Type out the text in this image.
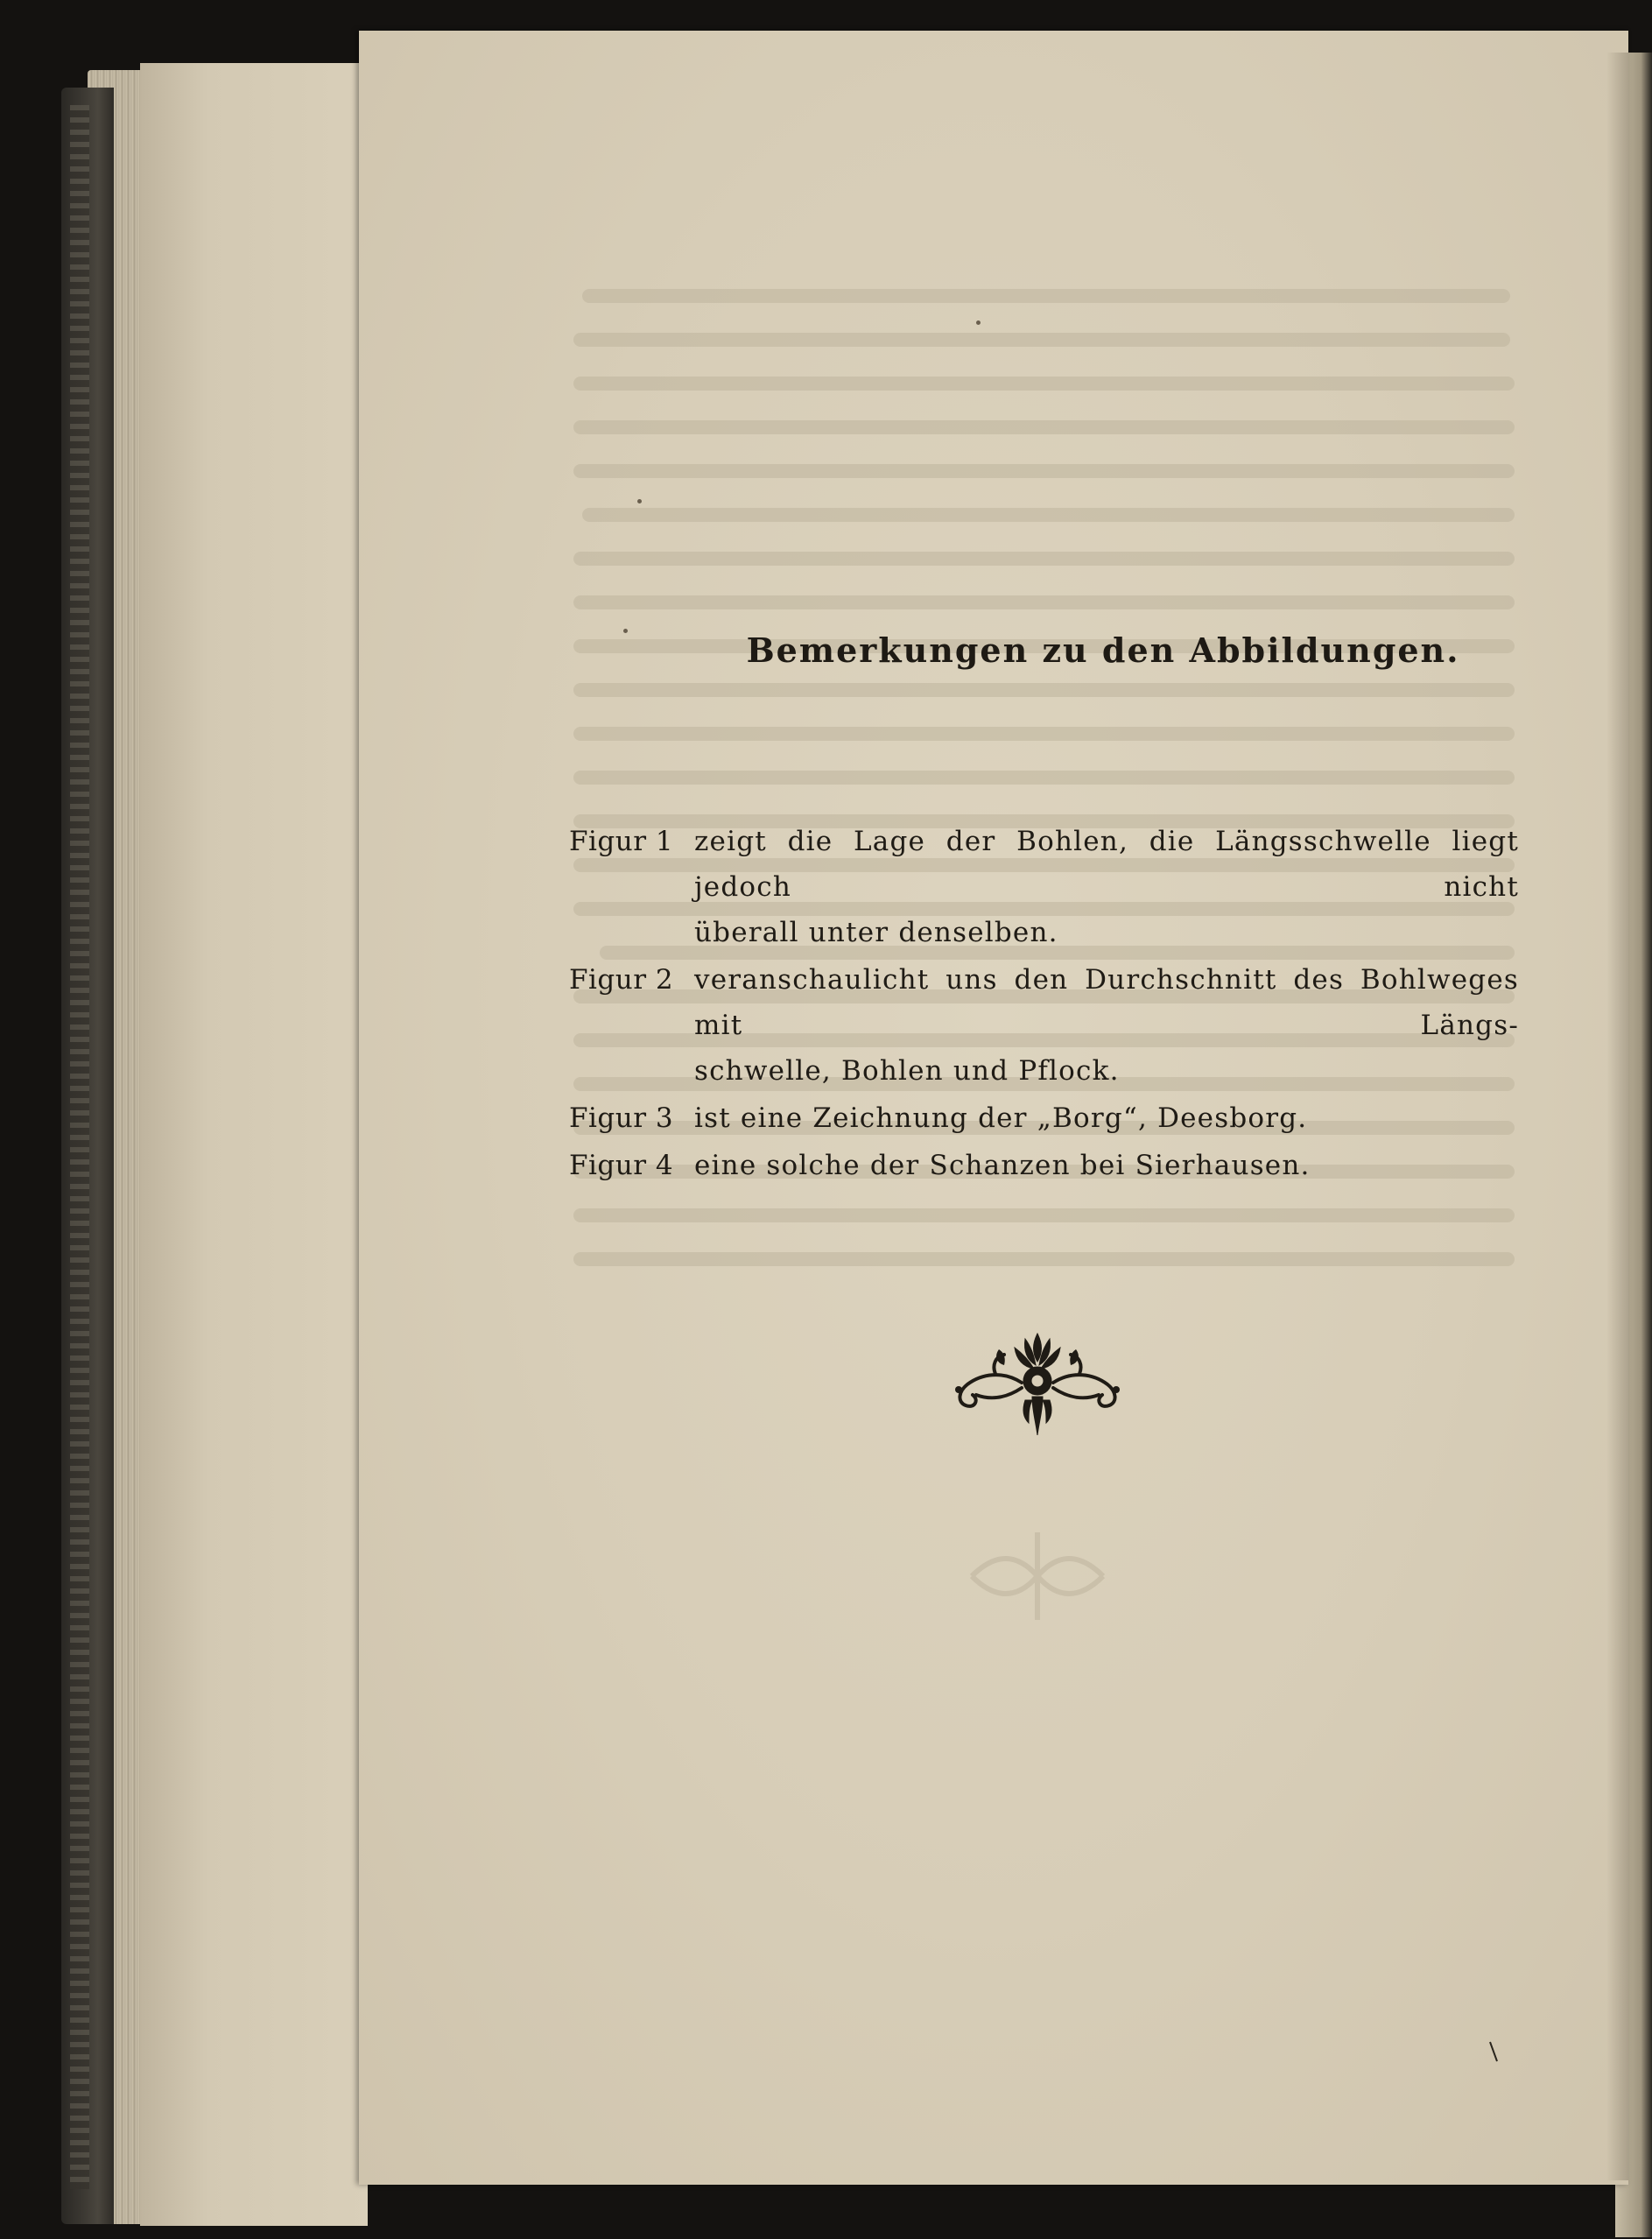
Bemerkungen zu den Abbildungen.
Figur 1 zeigt die Lage der Bohlen, die Längsschwelle liegt jedoch nicht
überall unter denselben.
Figur 2 veranschaulicht uns den Durchschnitt des Bohlweges mit Längs-
schwelle, Bohlen und Pflock.
Figur 3 ist eine Zeichnung der „Borg“, Deesborg.
Figur 4 eine solche der Schanzen bei Sierhausen.
